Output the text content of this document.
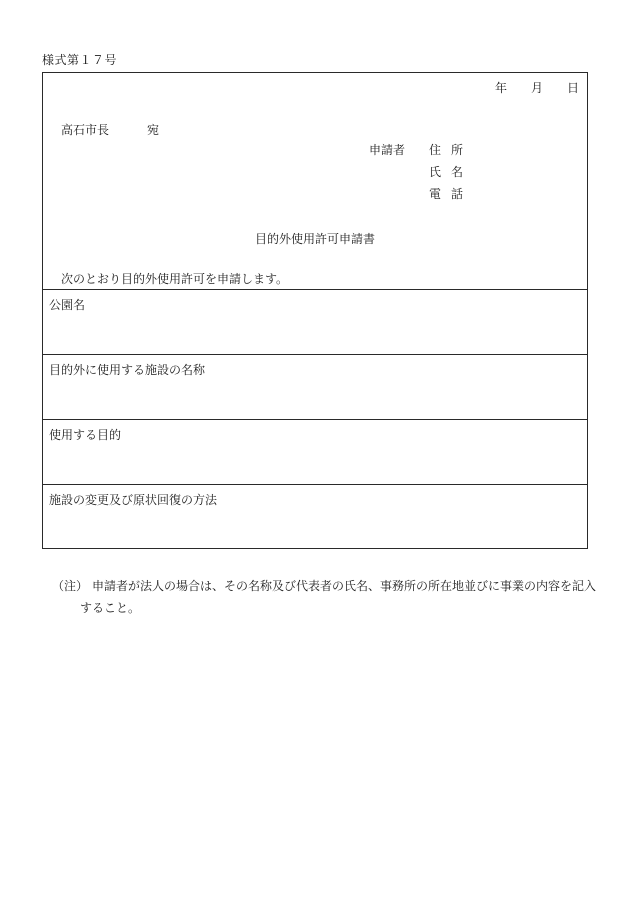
様式第１７号
年 月 日
高石市長	宛
申請者 住所
氏名
電話
目的外使用許可申請書
次のとおり目的外使用許可を申請します。
公園名
目的外に使用する施設の名称
使用する目的
施設の変更及び原状回復の方法
（注） 申請者が法人の場合は、その名称及び代表者の氏名、事務所の所在地並びに事業の内容を記入
すること。
